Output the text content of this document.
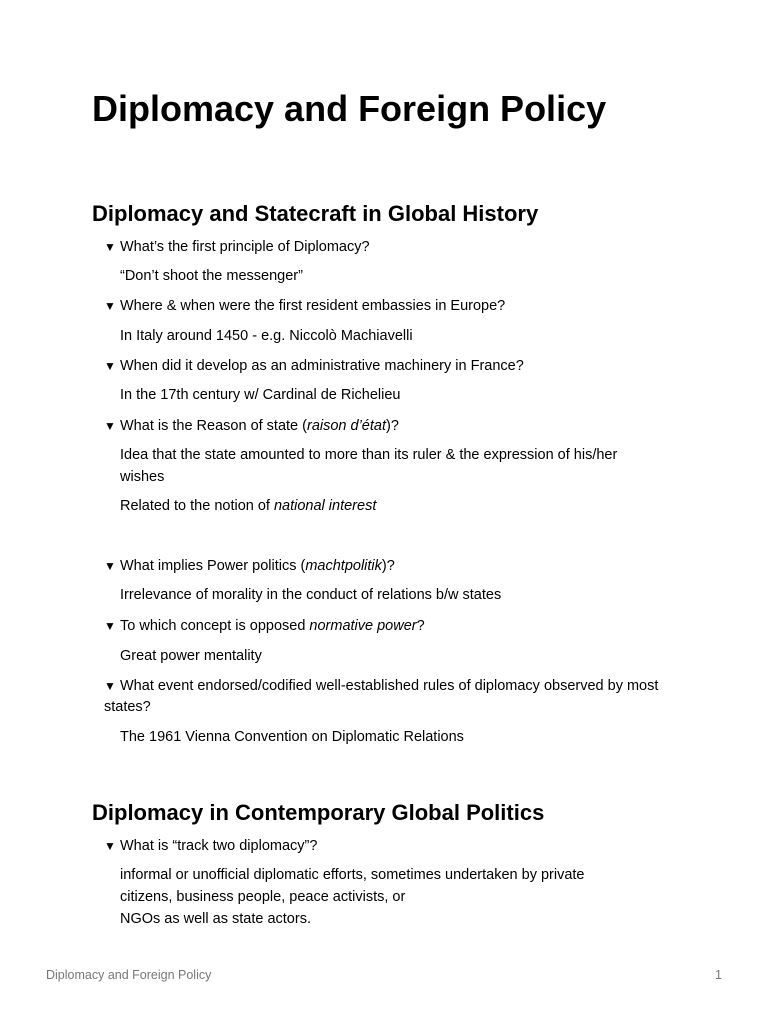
Diplomacy and Foreign Policy
Diplomacy and Statecraft in Global History
▼ What’s the first principle of Diplomacy?
“Don’t shoot the messenger”
▼ Where & when were the first resident embassies in Europe?
In Italy around 1450 - e.g. Niccolò Machiavelli
▼ When did it develop as an administrative machinery in France?
In the 17th century w/ Cardinal de Richelieu
▼ What is the Reason of state (raison d’état)?
Idea that the state amounted to more than its ruler & the expression of his/her wishes
Related to the notion of national interest
▼ What implies Power politics (machtpolitik)?
Irrelevance of morality in the conduct of relations b/w states
▼ To which concept is opposed normative power?
Great power mentality
▼ What event endorsed/codified well-established rules of diplomacy observed by most states?
The 1961 Vienna Convention on Diplomatic Relations
Diplomacy in Contemporary Global Politics
▼ What is “track two diplomacy”?
informal or unofficial diplomatic efforts, sometimes undertaken by private citizens, business people, peace activists, or
NGOs as well as state actors.
Diplomacy and Foreign Policy	1
